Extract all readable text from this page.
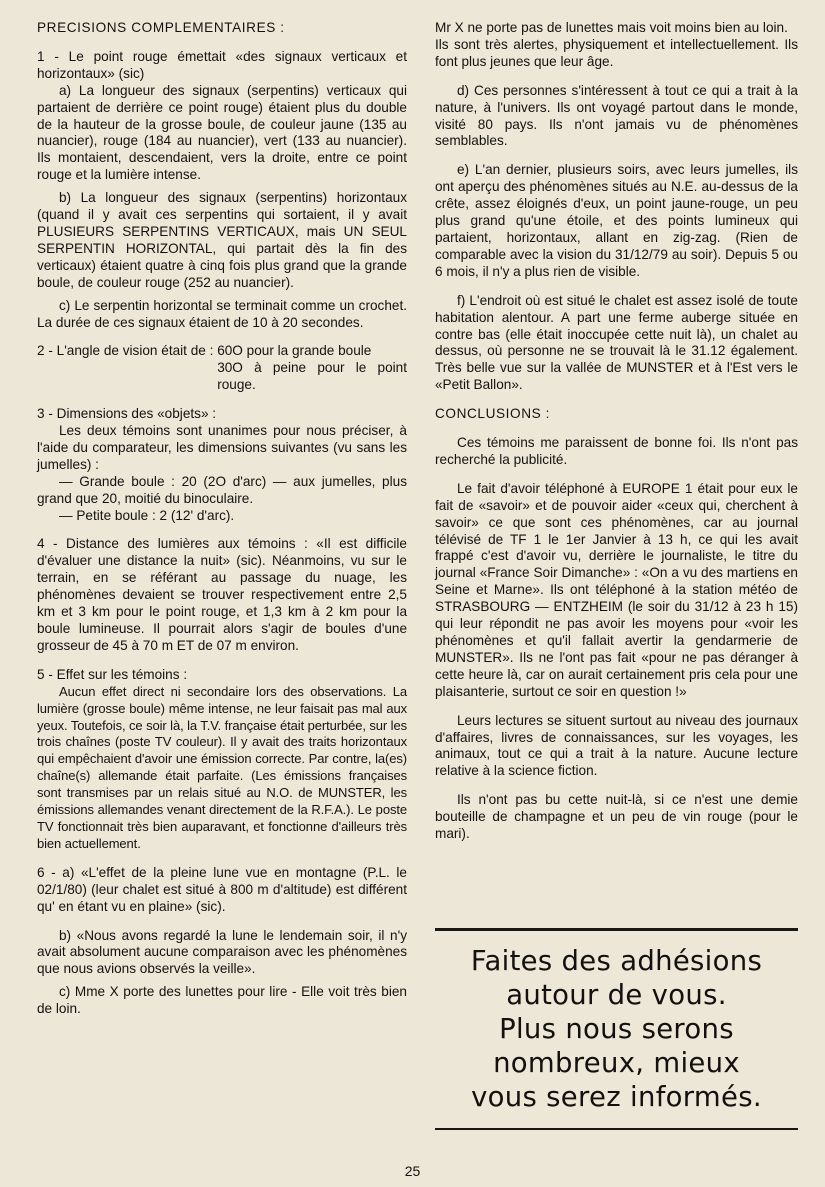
PRECISIONS COMPLEMENTAIRES :

1 - Le point rouge émettait «des signaux verticaux et horizontaux» (sic)

a) La longueur des signaux (serpentins) verticaux qui partaient de derrière ce point rouge) étaient plus du double de la hauteur de la grosse boule, de couleur jaune (135 au nuancier), rouge (184 au nuancier), vert (133 au nuancier). Ils montaient, descendaient, vers la droite, entre ce point rouge et la lumière intense.

b) La longueur des signaux (serpentins) horizontaux (quand il y avait ces serpentins qui sortaient, il y avait PLUSIEURS SERPENTINS VERTICAUX, mais UN SEUL SERPENTIN HORIZONTAL, qui partait dès la fin des verticaux) étaient quatre à cinq fois plus grand que la grande boule, de couleur rouge (252 au nuancier).

c) Le serpentin horizontal se terminait comme un crochet. La durée de ces signaux étaient de 10 à 20 secondes.

2 - L'angle de vision était de : 60O pour la grande boule
30O à peine pour le point rouge.

3 - Dimensions des «objets» :

Les deux témoins sont unanimes pour nous préciser, à l'aide du comparateur, les dimensions suivantes (vu sans les jumelles) :

— Grande boule : 20 (2O d'arc) — aux jumelles, plus grand que 20, moitié du binoculaire.

— Petite boule : 2 (12' d'arc).

4 - Distance des lumières aux témoins : «Il est difficile d'évaluer une distance la nuit» (sic). Néanmoins, vu sur le terrain, en se référant au passage du nuage, les phénomènes devaient se trouver respectivement entre 2,5 km et 3 km pour le point rouge, et 1,3 km à 2 km pour la boule lumineuse. Il pourrait alors s'agir de boules d'une grosseur de 45 à 70 m ET de 07 m environ.

5 - Effet sur les témoins :

Aucun effet direct ni secondaire lors des observations. La lumière (grosse boule) même intense, ne leur faisait pas mal aux yeux. Toutefois, ce soir là, la T.V. française était perturbée, sur les trois chaînes (poste TV couleur). Il y avait des traits horizontaux qui empêchaient d'avoir une émission correcte. Par contre, la(es) chaîne(s) allemande était parfaite. (Les émissions françaises sont transmises par un relais situé au N.O. de MUNSTER, les émissions allemandes venant directement de la R.F.A.). Le poste TV fonctionnait très bien auparavant, et fonctionne d'ailleurs très bien actuellement.

6 - a) «L'effet de la pleine lune vue en montagne (P.L. le 02/1/80) (leur chalet est situé à 800 m d'altitude) est différent qu' en étant vu en plaine» (sic).

b) «Nous avons regardé la lune le lendemain soir, il n'y avait absolument aucune comparaison avec les phénomènes que nous avions observés la veille».

c) Mme X porte des lunettes pour lire - Elle voit très bien de loin.

Mr X ne porte pas de lunettes mais voit moins bien au loin.

Ils sont très alertes, physiquement et intellectuellement. Ils font plus jeunes que leur âge.

d) Ces personnes s'intéressent à tout ce qui a trait à la nature, à l'univers. Ils ont voyagé partout dans le monde, visité 80 pays. Ils n'ont jamais vu de phénomènes semblables.

e) L'an dernier, plusieurs soirs, avec leurs jumelles, ils ont aperçu des phénomènes situés au N.E. au-dessus de la crête, assez éloignés d'eux, un point jaune-rouge, un peu plus grand qu'une étoile, et des points lumineux qui partaient, horizontaux, allant en zig-zag. (Rien de comparable avec la vision du 31/12/79 au soir). Depuis 5 ou 6 mois, il n'y a plus rien de visible.

f) L'endroit où est situé le chalet est assez isolé de toute habitation alentour. A part une ferme auberge située en contre bas (elle était inoccupée cette nuit là), un chalet au dessus, où personne ne se trouvait là le 31.12 également. Très belle vue sur la vallée de MUNSTER et à l'Est vers le «Petit Ballon».

CONCLUSIONS :

Ces témoins me paraissent de bonne foi. Ils n'ont pas recherché la publicité.

Le fait d'avoir téléphoné à EUROPE 1 était pour eux le fait de «savoir» et de pouvoir aider «ceux qui, cherchent à savoir» ce que sont ces phénomènes, car au journal télévisé de TF 1 le 1er Janvier à 13 h, ce qui les avait frappé c'est d'avoir vu, derrière le journaliste, le titre du journal «France Soir Dimanche» : «On a vu des martiens en Seine et Marne». Ils ont téléphoné à la station météo de STRASBOURG — ENTZHEIM (le soir du 31/12 à 23 h 15) qui leur répondit ne pas avoir les moyens pour «voir les phénomènes et qu'il fallait avertir la gendarmerie de MUNSTER». Ils ne l'ont pas fait «pour ne pas déranger à cette heure là, car on aurait certainement pris cela pour une plaisanterie, surtout ce soir en question !»

Leurs lectures se situent surtout au niveau des journaux d'affaires, livres de connaissances, sur les voyages, les animaux, tout ce qui a trait à la nature. Aucune lecture relative à la science fiction.

Ils n'ont pas bu cette nuit-là, si ce n'est une demie bouteille de champagne et un peu de vin rouge (pour le mari).

Faites des adhésions
autour de vous.
Plus nous serons
nombreux, mieux
vous serez informés.
25
